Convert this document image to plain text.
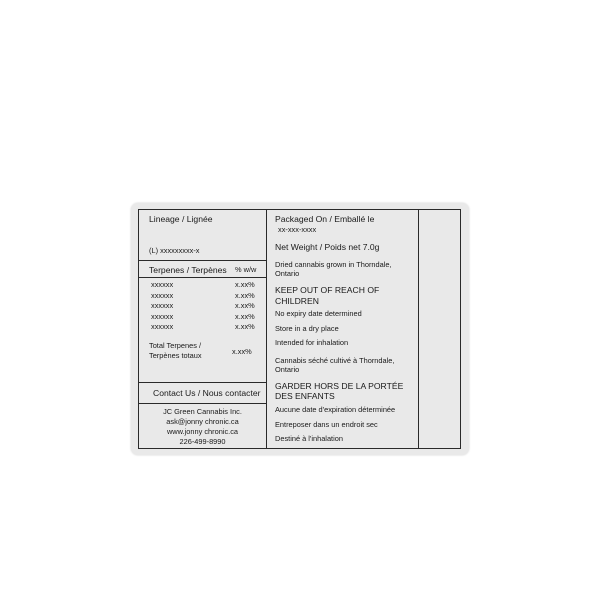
Lineage / Lignée
(L) xxxxxxxxx-x
Terpenes / Terpènes % w/w
xxxxxx	x.xx%
xxxxxx	x.xx%
xxxxxx	x.xx%
xxxxxx	x.xx%
xxxxxx	x.xx%
Total Terpenes /
Terpènes totaux	x.xx%
Contact Us / Nous contacter
JC Green Cannabis Inc.
ask@jonny chronic.ca
www.jonny chronic.ca
226-499-8990
Packaged On / Emballé le
xx-xxx-xxxx
Net Weight / Poids net 7.0g
Dried cannabis grown in Thorndale,
Ontario
KEEP OUT OF REACH OF
CHILDREN
No expiry date determined
Store in a dry place
Intended for inhalation
Cannabis séché cultivé à Thorndale,
Ontario
GARDER HORS DE LA PORTÉE
DES ENFANTS
Aucune date d'expiration déterminée
Entreposer dans un endroit sec
Destiné à l'inhalation
